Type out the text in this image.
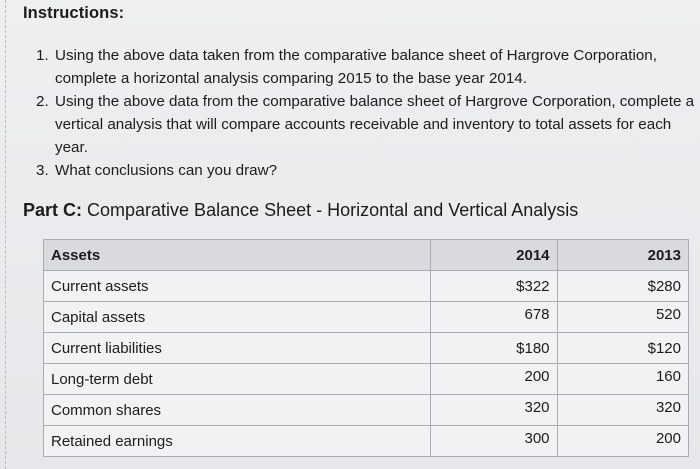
Instructions:
1. Using the above data taken from the comparative balance sheet of Hargrove Corporation,
complete a horizontal analysis comparing 2015 to the base year 2014.
2. Using the above data from the comparative balance sheet of Hargrove Corporation, complete a
vertical analysis that will compare accounts receivable and inventory to total assets for each
year.
3. What conclusions can you draw?
Part C: Comparative Balance Sheet - Horizontal and Vertical Analysis
Assets	2014	2013
Current assets	$322	$280
Capital assets	678	520
Current liabilities	$180	$120
Long-term debt	200	160
Common shares	320	320
Retained earnings	300	200
